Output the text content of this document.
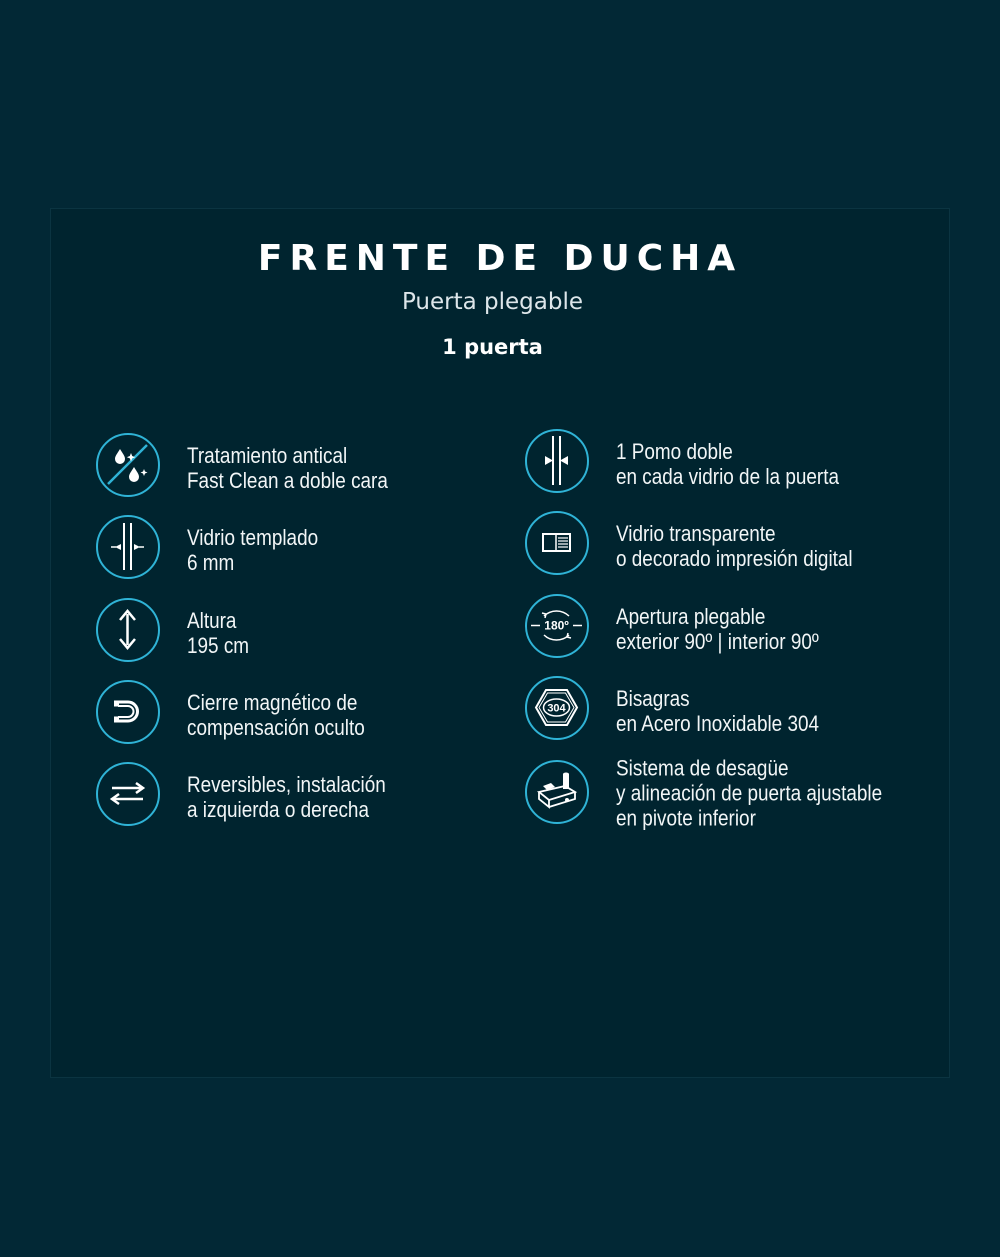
FRENTE DE DUCHA
Puerta plegable
1 puerta
Tratamiento antical
Fast Clean a doble cara
Vidrio templado
6 mm
Altura
195 cm
Cierre magnético de
compensación oculto
Reversibles, instalación
a izquierda o derecha
1 Pomo doble
en cada vidrio de la puerta
Vidrio transparente
o decorado impresión digital
180º Apertura plegable
exterior 90º | interior 90º
304 Bisagras
en Acero Inoxidable 304
Sistema de desagüe
y alineación de puerta ajustable
en pivote inferior
